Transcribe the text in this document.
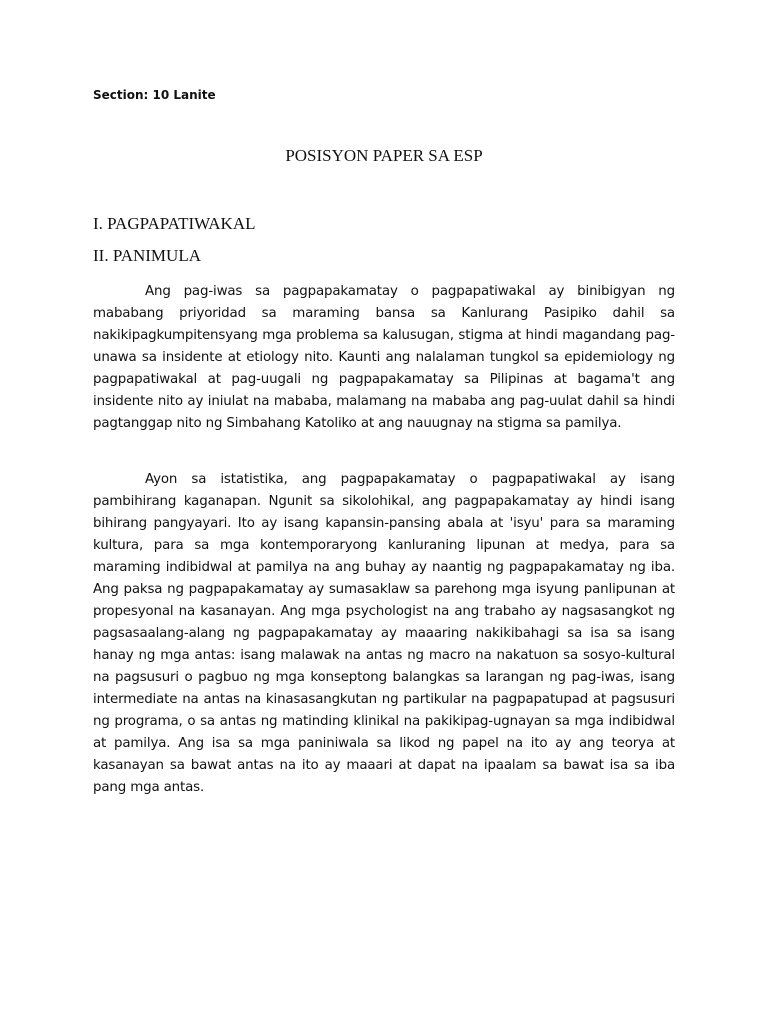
Section: 10 Lanite
POSISYON PAPER SA ESP
I. PAGPAPATIWAKAL
II. PANIMULA

Ang pag-iwas sa pagpapakamatay o pagpapatiwakal ay binibigyan ng mababang priyoridad sa maraming bansa sa Kanlurang Pasipiko dahil sa nakikipagkumpitensyang mga problema sa kalusugan, stigma at hindi magandang pag-unawa sa insidente at etiology nito. Kaunti ang nalalaman tungkol sa epidemiology ng pagpapatiwakal at pag-uugali ng pagpapakamatay sa Pilipinas at bagama't ang insidente nito ay iniulat na mababa, malamang na mababa ang pag-uulat dahil sa hindi pagtanggap nito ng Simbahang Katoliko at ang nauugnay na stigma sa pamilya.

Ayon sa istatistika, ang pagpapakamatay o pagpapatiwakal ay isang pambihirang kaganapan. Ngunit sa sikolohikal, ang pagpapakamatay ay hindi isang bihirang pangyayari. Ito ay isang kapansin-pansing abala at 'isyu' para sa maraming kultura, para sa mga kontemporaryong kanluraning lipunan at medya, para sa maraming indibidwal at pamilya na ang buhay ay naantig ng pagpapakamatay ng iba. Ang paksa ng pagpapakamatay ay sumasaklaw sa parehong mga isyung panlipunan at propesyonal na kasanayan. Ang mga psychologist na ang trabaho ay nagsasangkot ng pagsasaalang-alang ng pagpapakamatay ay maaaring nakikibahagi sa isa sa isang hanay ng mga antas: isang malawak na antas ng macro na nakatuon sa sosyo-kultural na pagsusuri o pagbuo ng mga konseptong balangkas sa larangan ng pag-iwas, isang intermediate na antas na kinasasangkutan ng partikular na pagpapatupad at pagsusuri ng programa, o sa antas ng matinding klinikal na pakikipag-ugnayan sa mga indibidwal at pamilya. Ang isa sa mga paniniwala sa likod ng papel na ito ay ang teorya at kasanayan sa bawat antas na ito ay maaari at dapat na ipaalam sa bawat isa sa iba pang mga antas.
